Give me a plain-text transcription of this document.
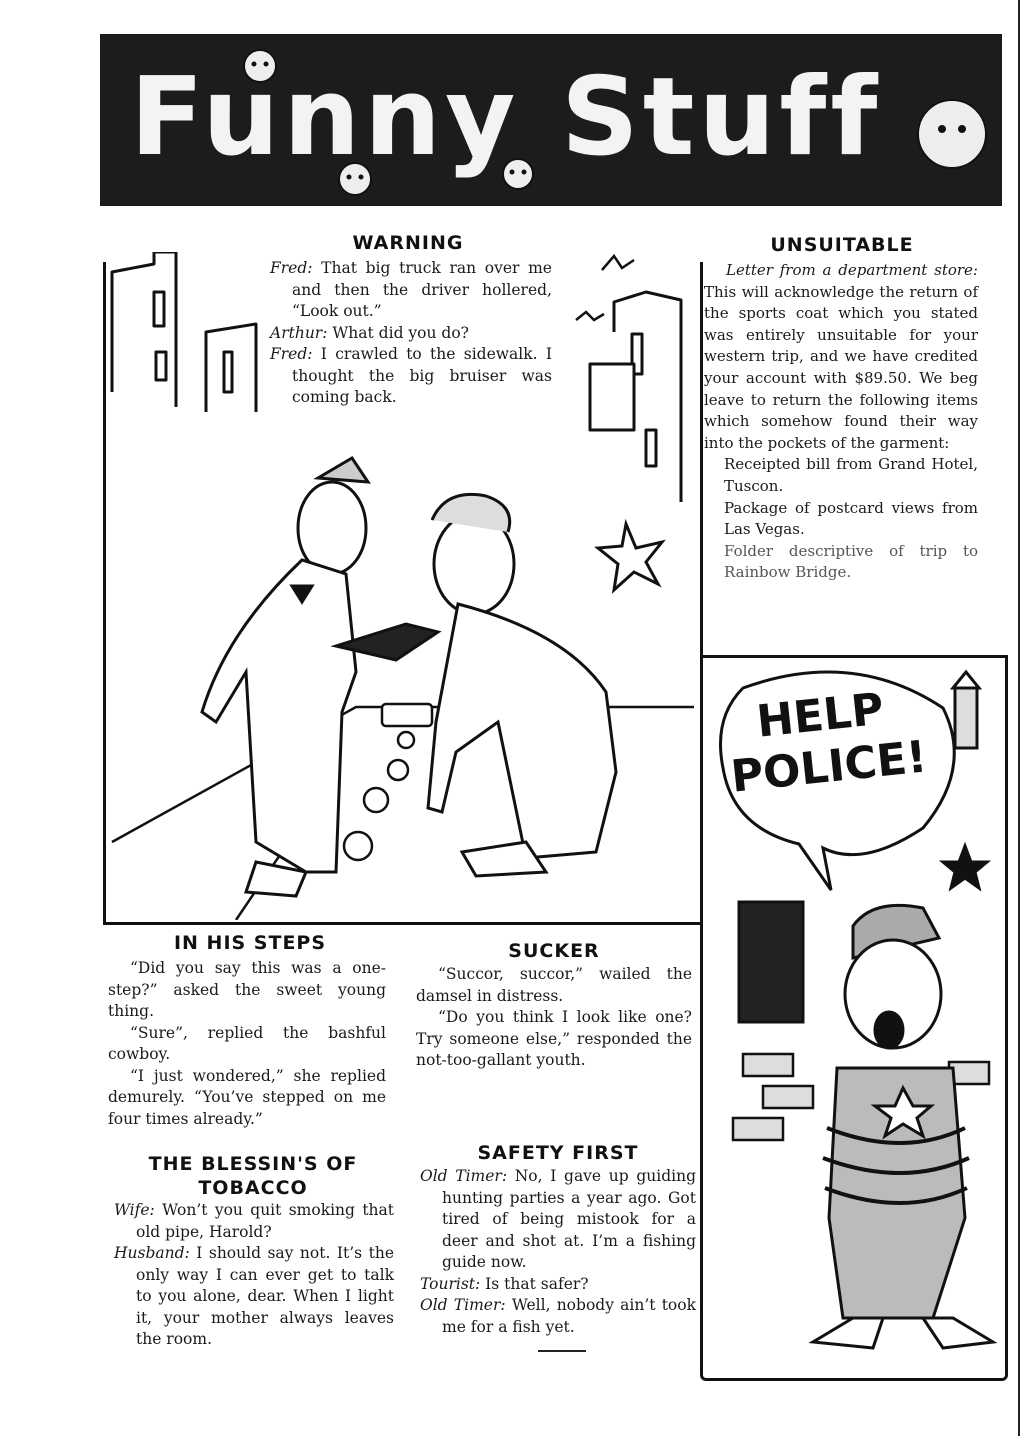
Funny Stuff
WARNING

Fred: That big truck ran over me and then the driver hollered, “Look out.”

Arthur: What did you do?

Fred: I crawled to the sidewalk. I thought the big bruiser was coming back.

UNSUITABLE

Letter from a department store: This will acknowledge the return of the sports coat which you stated was entirely unsuitable for your western trip, and we have credited your account with $89.50. We beg leave to return the following items which somehow found their way into the pockets of the garment:

Receipted bill from Grand Hotel, Tuscon.

Package of postcard views from Las Vegas.

Folder descriptive of trip to Rainbow Bridge.

HELP
POLICE!
IN HIS STEPS

“Did you say this was a one-step?” asked the sweet young thing.

“Sure”, replied the bashful cowboy.

“I just wondered,” she replied demurely. “You’ve stepped on me four times already.”

SUCKER

“Succor, succor,” wailed the damsel in distress.

“Do you think I look like one? Try someone else,” responded the not-too-gallant youth.

THE BLESSIN'S OF
TOBACCO

Wife: Won’t you quit smoking that old pipe, Harold?

Husband: I should say not. It’s the only way I can ever get to talk to you alone, dear. When I light it, your mother always leaves the room.

SAFETY FIRST

Old Timer: No, I gave up guiding hunting parties a year ago. Got tired of being mistook for a deer and shot at. I’m a fishing guide now.

Tourist: Is that safer?

Old Timer: Well, nobody ain’t took me for a fish yet.
